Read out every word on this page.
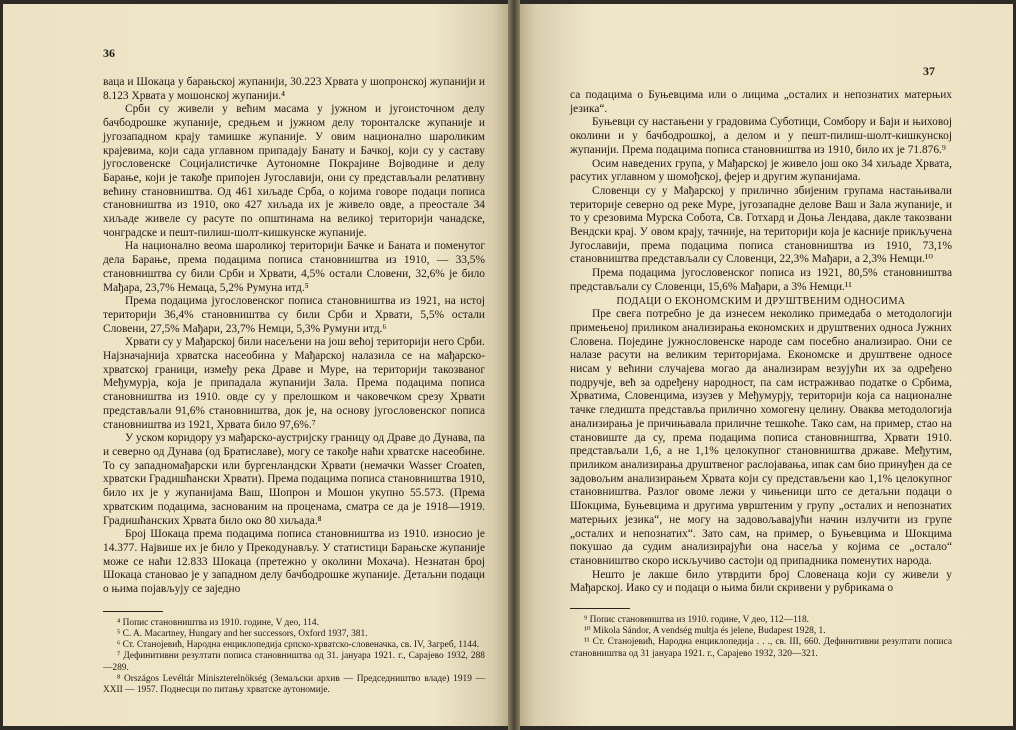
36

ваца и Шокаца у барањској жупанији, 30.223 Хрвата у шопронској жупанији и 8.123 Хрвата у мошонској жупанији.⁴

Срби су живели у већим масама у јужном и југоисточном делу бачбодрошке жупаније, средњем и јужном делу торонталске жупаније и југозападном крају тамишке жупаније. У овим националнo шароликим крајевима, који сада углавном припадају Банату и Бачкој, који су у саставу југословенске Социјалистичке Аутономне Покрајине Војводине и делу Барање, који је такође припојен Југославији, они су представљали релативну већину становништва. Од 461 хиљаде Срба, о којима говоре подаци пописа становништва из 1910, око 427 хиљада их је живело овде, а преостале 34 хиљаде живеле су расуте по општинама на великој територији чанадске, чонградске и пешт-пилиш-шолт-кишкунске жупаније.

На националнo веома шароликој територији Бачке и Баната и поменутог дела Барање, према подацима пописа становништва из 1910, — 33,5% становништва су били Срби и Хрвати, 4,5% остали Словени, 32,6% је било Мађара, 23,7% Немаца, 5,2% Румуна итд.⁵

Према подацима југословенског пописа становништва из 1921, на истој територији 36,4% становништва су били Срби и Хрвати, 5,5% остали Словени, 27,5% Мађари, 23,7% Немци, 5,3% Румуни итд.⁶

Хрвати су у Мађарској били насељени на још већој територији него Срби. Најзначајнија хрватска насеобина у Мађарској налазила се на мађарско-хрватској граници, између река Драве и Муре, на територији такозваног Међумурја, која је припадала жупанији Зала. Према подацима пописа становништва из 1910. овде су у прелошком и чаковечком срезу Хрвати представљали 91,6% становништва, док је, на основу југословенског пописа становништва из 1921, Хрвата било 97,6%.⁷

У уском коридору уз мађарско-аустријску границу од Драве до Дунава, па и северно од Дунава (од Братиславе), могу се такође наћи хрватске насеобине. То су западномађарски или бургенландски Хрвати (немачки Wasser Croaten, хрватски Градишћански Хрвати). Према подацима пописа становништва 1910, било их је у жупанијама Ваш, Шопрон и Мошон укупно 55.573. (Према хрватским подацима, заснованим на проценама, сматра се да је 1918—1919. Градишћанских Хрвата било око 80 хиљада.⁸

Број Шокаца према подацима пописа становништва из 1910. износио је 14.377. Највише их је било у Прекодунављу. У статистици Барањске жупаније може се наћи 12.833 Шокаца (претежно у околини Мохача). Незнатан број Шокаца становао је у западном делу бачбодрошке жупаније. Детаљни подаци о њима појављују се заједно

⁴ Попис становништва из 1910. године, V део, 114.

⁵ C. A. Macartney, Hungary and her successors, Oxford 1937, 381.

⁶ Ст. Станојевић, Народна енциклопедија српско-хрватско-словеначка, св. IV, Загреб, 1144.

⁷ Дефинитивни резултати пописа становништва од 31. јануара 1921. г., Сарајево 1932, 288—289.

⁸ Országos Levéltár Miniszterelnökség (Земаљски архив — Председништво владе) 1919 — XXII — 1957. Поднесци по питању хрватске аутономије.

37

са подацима о Буњевцима или о лицима „осталих и непознатих матерњих језика“.

Буњевци су настањени у градовима Суботици, Сомбору и Баји и њиховој околини и у бачбодрошкој, а делом и у пешт-пилиш-шолт-кишкунској жупанији. Према подацима пописа становништва из 1910, било их је 71.876.⁹

Осим наведених група, у Мађарској је живело још око 34 хиљаде Хрвата, расутих углавном у шомођској, фејер и другим жупанијама.

Словенци су у Мађарској у прилично збијеним групама настањивали територије северно од реке Муре, југозападне делове Ваш и Зала жупаније, и то у срезовима Мурска Собота, Св. Готхард и Доња Лендава, дакле такозвани Вендски крај. У овом крају, тачније, на територији која је касније прикључена Југославији, према подацима пописа становништва из 1910, 73,1% становништва представљали су Словенци, 22,3% Мађари, а 2,3% Немци.¹⁰

Према подацима југословенског пописа из 1921, 80,5% становништва представљали су Словенци, 15,6% Мађари, а 3% Немци.¹¹

ПОДАЦИ О ЕКОНОМСКИМ И ДРУШТВЕНИМ ОДНОСИМА

Пре свега потребно је да изнесем неколико примедаба о методологији примењеној приликом анализирања економских и друштвених односа Јужних Словена. Поједине јужнословенске народе сам посебно анализирао. Они се налазе расути на великим територијама. Економске и друштвене односе нисам у већини случајева могао да анализирам везујући их за одређено подручје, већ за одређену народност, па сам истраживао податке о Србима, Хрватима, Словенцима, изузев у Међумурју, територији која са националне тачке гледишта представља прилично хомогену целину. Оваква методологија анализирања је причињавала приличне тешкоће. Тако сам, на пример, стао на становиште да су, према подацима пописа становништва, Хрвати 1910. представљали 1,6, а не 1,1% целокупног становништва државе. Међутим, приликом анализирања друштвеног раслојавања, ипак сам био принуђен да се задовољим анализирањем Хрвата који су представљени као 1,1% целокупног становништва. Разлог овоме лежи у чињеници што се детаљни подаци о Шокцима, Буњевцима и другима уврштеним у групу „осталих и непознатих матерњих језика“, не могу на задовољавајући начин излучити из групе „осталих и непознатих“. Зато сам, на пример, о Буњевцима и Шокцима покушао да судим анализирајући она насеља у којима се „остало“ становништво скоро искључиво састоји од припадника поменутих народа.

Нешто је лакше било утврдити број Словенаца који су живели у Мађарској. Иако су и подаци о њима били скривени у рубрикама о

⁹ Попис становништва из 1910. године, V део, 112—118.

¹⁰ Mikola Sándor, A vendség multja és jelene, Budapest 1928, 1.

¹¹ Ст. Станојевић, Народна енциклопедија . . ., св. III, 660. Дефинитивни резултати пописа становништва од 31 јануара 1921. г., Сарајево 1932, 320—321.
